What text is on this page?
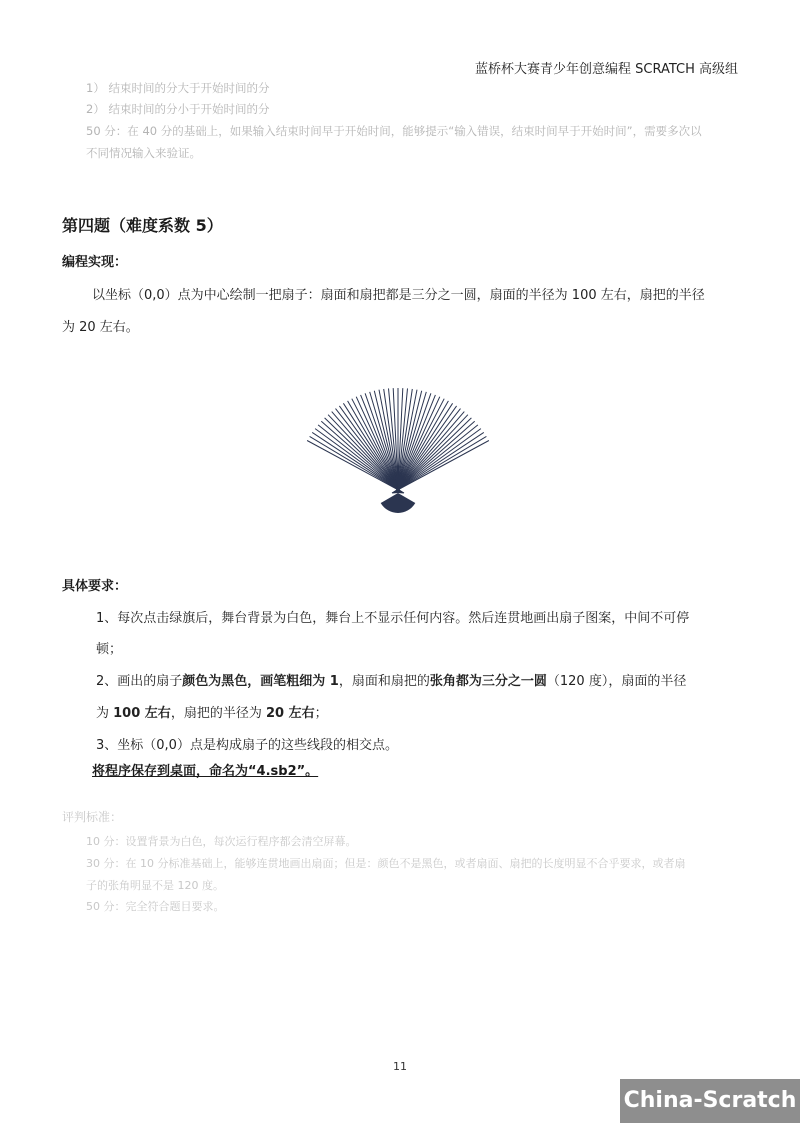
蓝桥杯大赛青少年创意编程 SCRATCH 高级组
1） 结束时间的分大于开始时间的分
2） 结束时间的分小于开始时间的分
50 分：在 40 分的基础上，如果输入结束时间早于开始时间，能够提示“输入错误，结束时间早于开始时间”，需要多次以
不同情况输入来验证。
第四题（难度系数 5）
编程实现：
以坐标（0,0）点为中心绘制一把扇子：扇面和扇把都是三分之一圆，扇面的半径为 100 左右，扇把的半径
为 20 左右。
具体要求：
1、每次点击绿旗后，舞台背景为白色，舞台上不显示任何内容。然后连贯地画出扇子图案，中间不可停
顿；
2、画出的扇子颜色为黑色，画笔粗细为 1，扇面和扇把的张角都为三分之一圆（120 度），扇面的半径
为 100 左右，扇把的半径为 20 左右；
3、坐标（0,0）点是构成扇子的这些线段的相交点。
将程序保存到桌面，命名为“4.sb2”。
评判标准：
10 分：设置背景为白色，每次运行程序都会清空屏幕。
30 分：在 10 分标准基础上，能够连贯地画出扇面；但是：颜色不是黑色，或者扇面、扇把的长度明显不合乎要求，或者扇
子的张角明显不是 120 度。
50 分：完全符合题目要求。
11
China-Scratch
